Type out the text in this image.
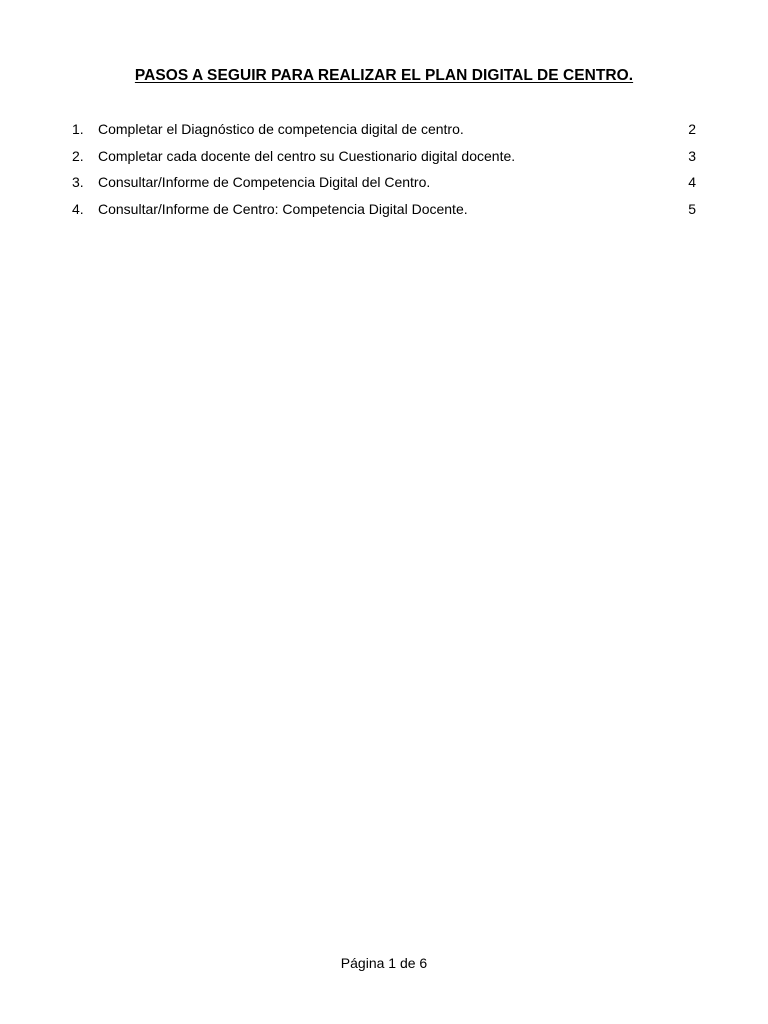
PASOS A SEGUIR PARA REALIZAR EL PLAN DIGITAL DE CENTRO.
1.	Completar el Diagnóstico de competencia digital de centro.	2
2.	Completar cada docente del centro su Cuestionario digital docente.	3
3.	Consultar/Informe de Competencia Digital del Centro.	4
4.	Consultar/Informe de Centro: Competencia Digital Docente.	5
Página 1 de 6
